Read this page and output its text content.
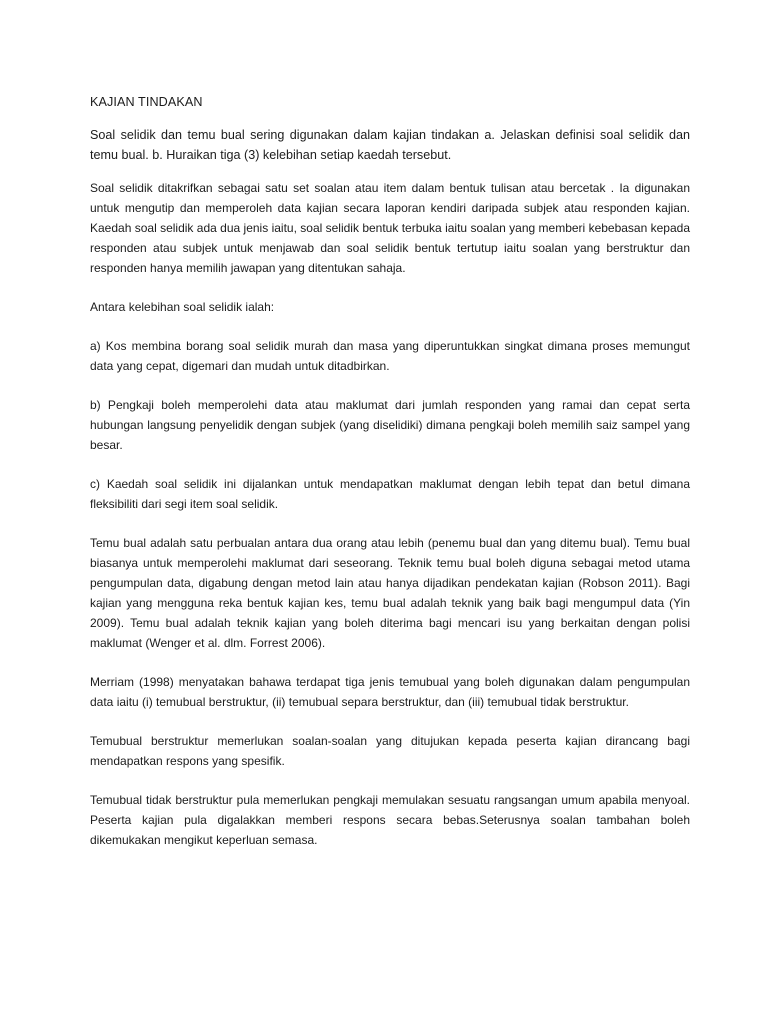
KAJIAN TINDAKAN
Soal selidik dan temu bual sering digunakan dalam kajian tindakan a. Jelaskan definisi soal selidik dan temu bual. b. Huraikan tiga (3) kelebihan setiap kaedah tersebut.

Soal selidik ditakrifkan sebagai satu set soalan atau item dalam bentuk tulisan atau bercetak . Ia digunakan untuk mengutip dan memperoleh data kajian secara laporan kendiri daripada subjek atau responden kajian. Kaedah soal selidik ada dua jenis iaitu, soal selidik bentuk terbuka iaitu soalan yang memberi kebebasan kepada responden atau subjek untuk menjawab dan soal selidik bentuk tertutup iaitu soalan yang berstruktur dan responden hanya memilih jawapan yang ditentukan sahaja.

Antara kelebihan soal selidik ialah:

a) Kos membina borang soal selidik murah dan masa yang diperuntukkan singkat dimana proses memungut data yang cepat, digemari dan mudah untuk ditadbirkan.

b) Pengkaji boleh memperolehi data atau maklumat dari jumlah responden yang ramai dan cepat serta hubungan langsung penyelidik dengan subjek (yang diselidiki) dimana pengkaji boleh memilih saiz sampel yang besar.

c) Kaedah soal selidik ini dijalankan untuk mendapatkan maklumat dengan lebih tepat dan betul dimana fleksibiliti dari segi item soal selidik.

Temu bual adalah satu perbualan antara dua orang atau lebih (penemu bual dan yang ditemu bual). Temu bual biasanya untuk memperolehi maklumat dari seseorang. Teknik temu bual boleh diguna sebagai metod utama pengumpulan data, digabung dengan metod lain atau hanya dijadikan pendekatan kajian (Robson 2011). Bagi kajian yang mengguna reka bentuk kajian kes, temu bual adalah teknik yang baik bagi mengumpul data (Yin 2009). Temu bual adalah teknik kajian yang boleh diterima bagi mencari isu yang berkaitan dengan polisi maklumat (Wenger et al. dlm. Forrest 2006).

Merriam (1998) menyatakan bahawa terdapat tiga jenis temubual yang boleh digunakan dalam pengumpulan data iaitu (i) temubual berstruktur, (ii) temubual separa berstruktur, dan (iii) temubual tidak berstruktur.

Temubual berstruktur memerlukan soalan-soalan yang ditujukan kepada peserta kajian dirancang bagi mendapatkan respons yang spesifik.

Temubual tidak berstruktur pula memerlukan pengkaji memulakan sesuatu rangsangan umum apabila menyoal. Peserta kajian pula digalakkan memberi respons secara bebas.Seterusnya soalan tambahan boleh dikemukakan mengikut keperluan semasa.
